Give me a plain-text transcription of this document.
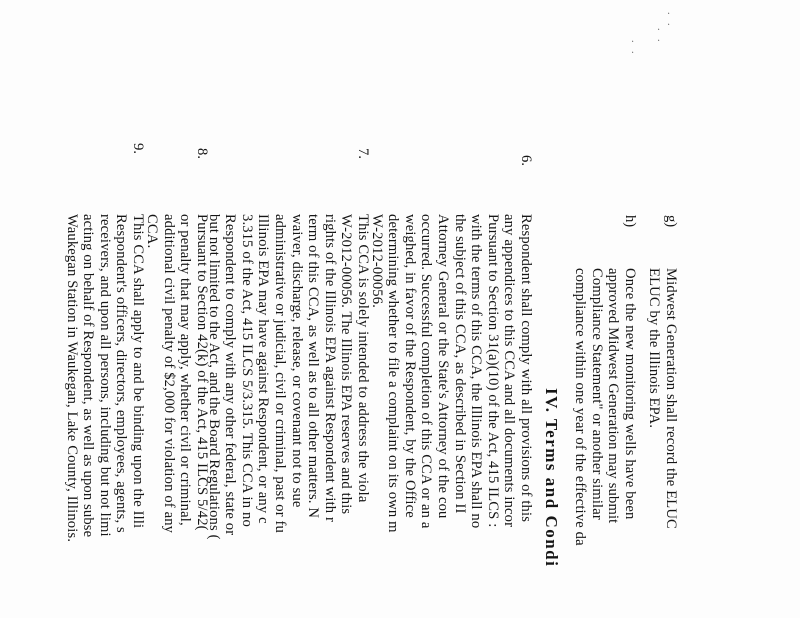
. .
. .
. .
g)
Midwest Generation shall record the ELUC
ELUC by the Illinois EPA.
h)
Once the new monitoring wells have been
approved Midwest Generation may submit
Compliance Statement" or another similar
compliance within one year of the effective da
IV. Terms and Condi
6.
Respondent shall comply with all provisions of this
any appendices to this CCA and all documents incor
Pursuant to Section 31(a)(10) of the Act, 415 ILCS :
with the terms of this CCA, the Illinois EPA shall no
the subject of this CCA, as described in Section II
Attorney General or the State's Attorney of the cou
occurred. Successful completion of this CCA or an a
weighed, in favor of the Respondent, by the Office
determining whether to file a complaint on its own m
W-2012-00056.
7.
This CCA is solely intended to address the viola
W-2012-00056. The Illinois EPA reserves and this
rights of the Illinois EPA against Respondent with r
term of this CCA, as well as to all other matters. N
waiver, discharge, release, or covenant not to sue
administrative or judicial, civil or criminal, past or fu
Illinois EPA may have against Respondent, or any c
3.315 of the Act, 415 ILCS 5/3.315. This CCA in no
Respondent to comply with any other federal, state or
but not limited to the Act, and the Board Regulations (
8.
Pursuant to Section 42(k) of the Act, 415 ILCS 5/42(
or penalty that may apply, whether civil or criminal,
additional civil penalty of $2,000 for violation of any
CCA.
9.
This CCA shall apply to and be binding upon the Illi
Respondent's officers, directors, employees, agents, s
receivers, and upon all persons, including but not limi
acting on behalf of Respondent, as well as upon subse
Waukegan Station in Waukegan, Lake County, Illinois.
